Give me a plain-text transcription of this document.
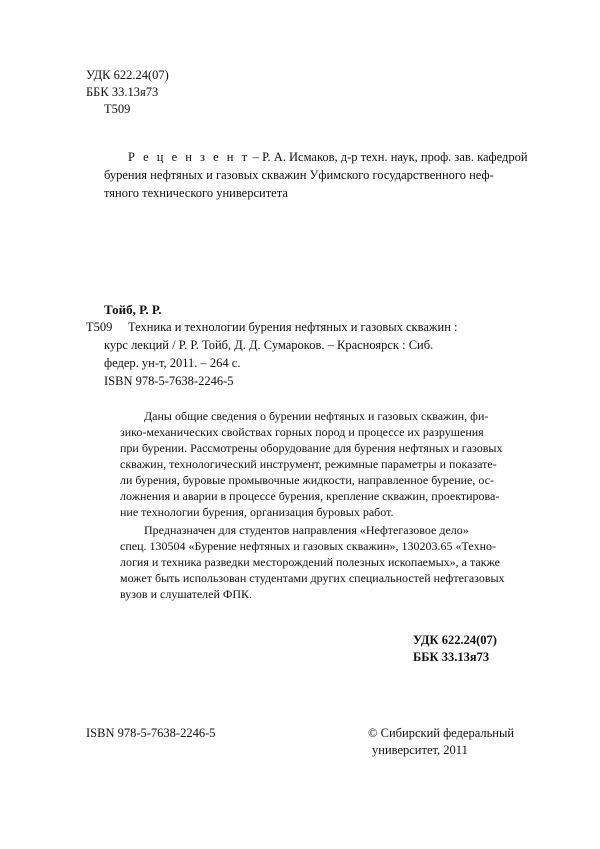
УДК 622.24(07)
ББК 33.13я73
Т509
Р е ц е н з е н т – Р. А. Исмаков, д-р техн. наук, проф. зав. кафедрой
бурения нефтяных и газовых скважин Уфимского государственного неф-
тяного технического университета
Тойб, Р. Р.
Т509 Техника и технологии бурения нефтяных и газовых скважин :
курс лекций / Р. Р. Тойб, Д. Д. Сумароков. – Красноярск : Сиб.
федер. ун-т, 2011. – 264 с.
ISBN 978-5-7638-2246-5
Даны общие сведения о бурении нефтяных и газовых скважин, фи-
зико-механических свойствах горных пород и процессе их разрушения
при бурении. Рассмотрены оборудование для бурения нефтяных и газовых
скважин, технологический инструмент, режимные параметры и показате-
ли бурения, буровые промывочные жидкости, направленное бурение, ос-
ложнения и аварии в процессе бурения, крепление скважин, проектирова-
ние технологии бурения, организация буровых работ.
Предназначен для студентов направления «Нефтегазовое дело»
спец. 130504 «Бурение нефтяных и газовых скважин», 130203.65 «Техно-
логия и техника разведки месторождений полезных ископаемых», а также
может быть использован студентами других специальностей нефтегазовых
вузов и слушателей ФПК.
УДК 622.24(07)
ББК 33.13я73
ISBN 978-5-7638-2246-5	© Сибирский федеральный
университет, 2011
